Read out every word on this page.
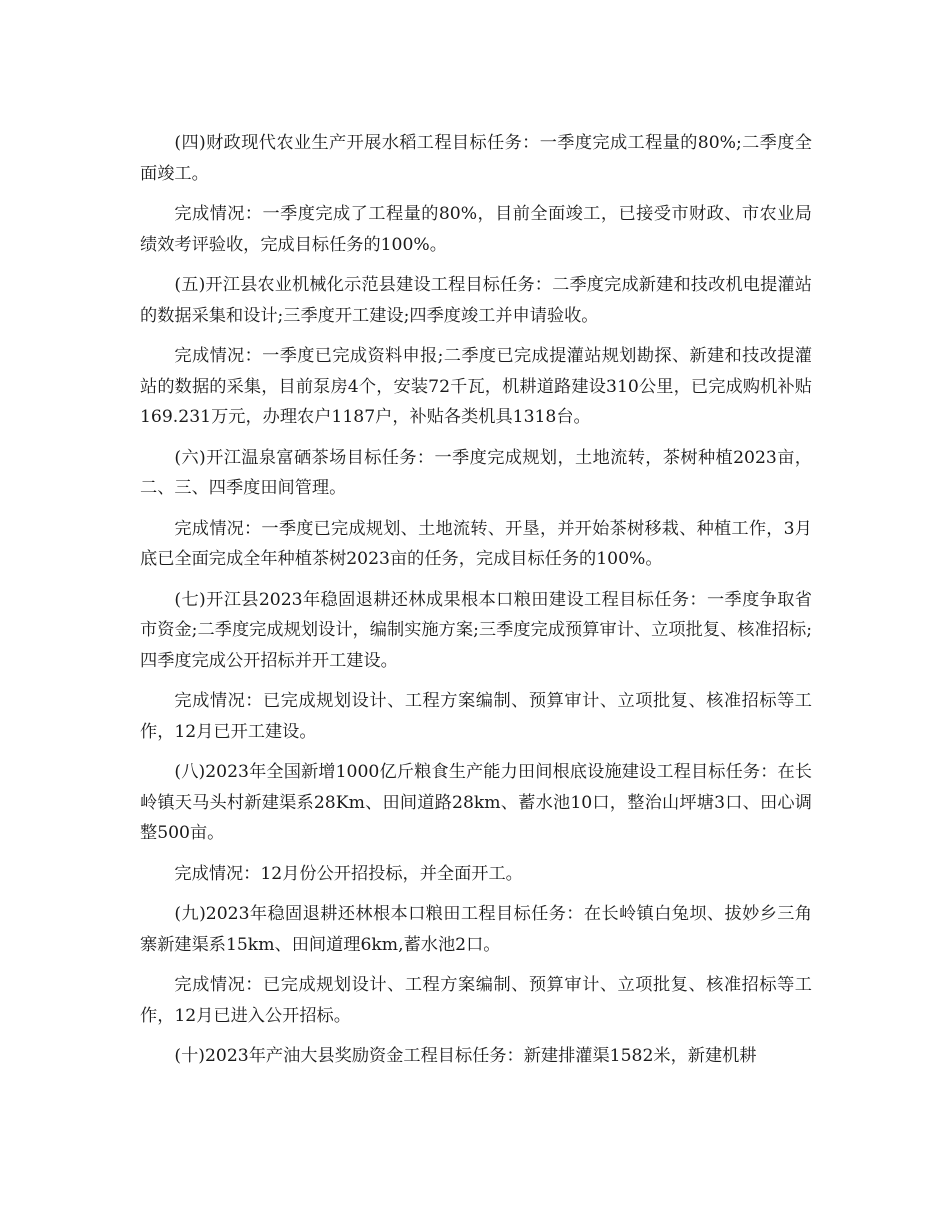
(四)财政现代农业生产开展水稻工程目标任务：一季度完成工程量的80%;二季度全面竣工。

完成情况：一季度完成了工程量的80%，目前全面竣工，已接受市财政、市农业局绩效考评验收，完成目标任务的100%。

(五)开江县农业机械化示范县建设工程目标任务：二季度完成新建和技改机电提灌站的数据采集和设计;三季度开工建设;四季度竣工并申请验收。

完成情况：一季度已完成资料申报;二季度已完成提灌站规划勘探、新建和技改提灌站的数据的采集，目前泵房4个，安装72千瓦，机耕道路建设310公里，已完成购机补贴169.231万元，办理农户1187户，补贴各类机具1318台。

(六)开江温泉富硒茶场目标任务：一季度完成规划，土地流转，茶树种植2023亩，二、三、四季度田间管理。

完成情况：一季度已完成规划、土地流转、开垦，并开始茶树移栽、种植工作，3月底已全面完成全年种植茶树2023亩的任务，完成目标任务的100%。

(七)开江县2023年稳固退耕还林成果根本口粮田建设工程目标任务：一季度争取省市资金;二季度完成规划设计，编制实施方案;三季度完成预算审计、立项批复、核准招标;四季度完成公开招标并开工建设。

完成情况：已完成规划设计、工程方案编制、预算审计、立项批复、核准招标等工作，12月已开工建设。

(八)2023年全国新增1000亿斤粮食生产能力田间根底设施建设工程目标任务：在长岭镇天马头村新建渠系28Km、田间道路28km、蓄水池10口，整治山坪塘3口、田心调整500亩。

完成情况：12月份公开招投标，并全面开工。

(九)2023年稳固退耕还林根本口粮田工程目标任务：在长岭镇白兔坝、拔妙乡三角寨新建渠系15km、田间道理6km,蓄水池2口。

完成情况：已完成规划设计、工程方案编制、预算审计、立项批复、核准招标等工作，12月已进入公开招标。

(十)2023年产油大县奖励资金工程目标任务：新建排灌渠1582米，新建机耕
